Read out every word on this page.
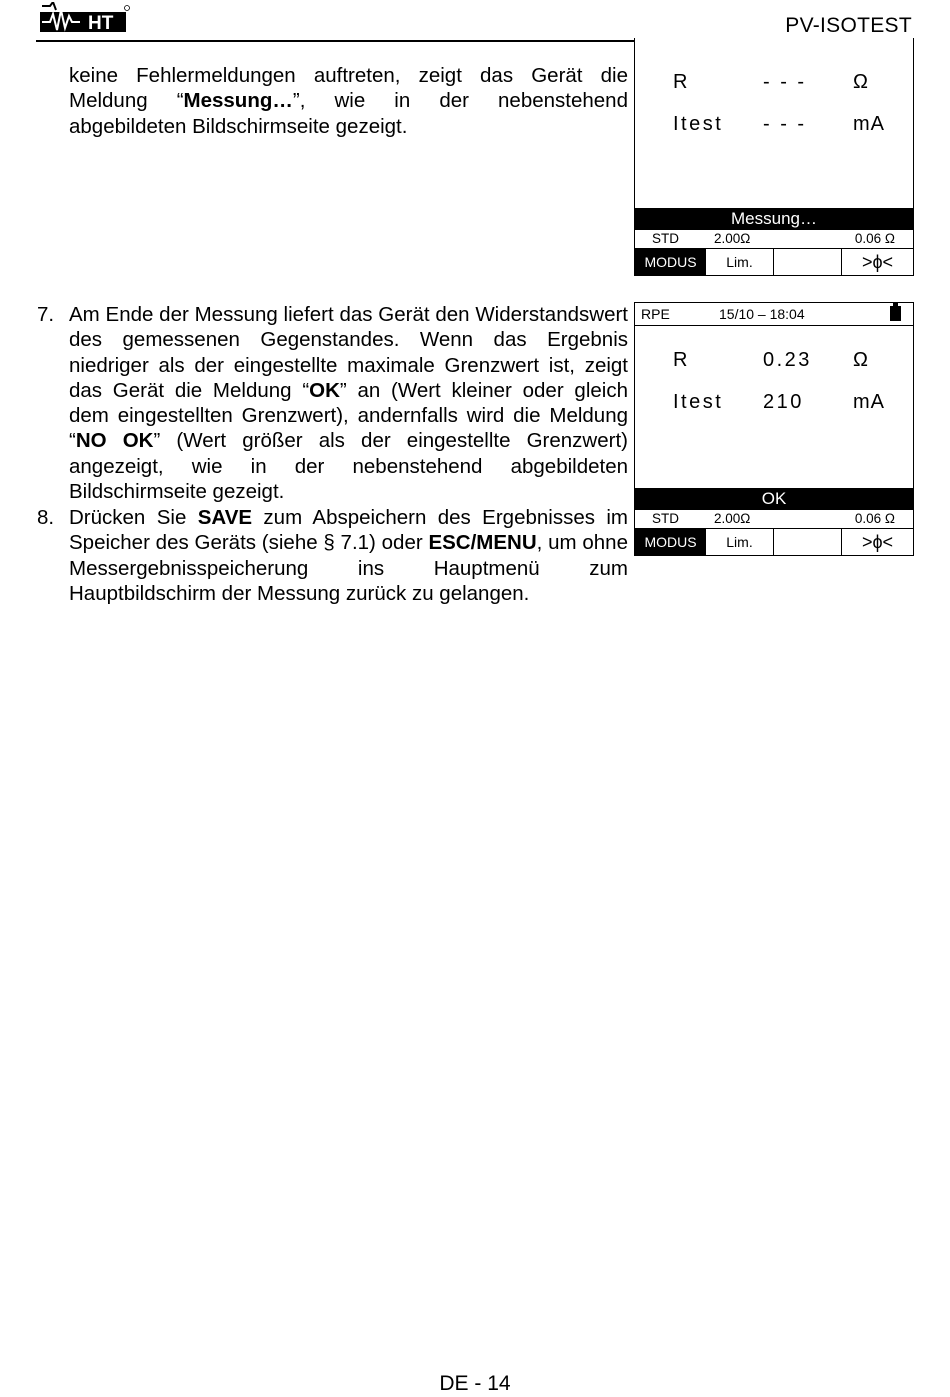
HT	PV-ISOTEST

keine Fehlermeldungen auftreten, zeigt das Gerät die Meldung “Messung…”, wie in der nebenstehend abgebildeten Bildschirmseite gezeigt.

7. Am Ende der Messung liefert das Gerät den Widerstandswert des gemessenen Gegenstandes. Wenn das Ergebnis niedriger als der eingestellte maximale Grenzwert ist, zeigt das Gerät die Meldung “OK” an (Wert kleiner oder gleich dem eingestellten Grenzwert), andernfalls wird die Meldung “NO OK” (Wert größer als der eingestellte Grenzwert) angezeigt, wie in der nebenstehend abgebildeten Bildschirmseite gezeigt.

8. Drücken Sie SAVE zum Abspeichern des Ergebnisses im Speicher des Geräts (siehe § 7.1) oder ESC/MENU, um ohne Messergebnisspeicherung ins Hauptmenü zum Hauptbildschirm der Messung zurück zu gelangen.

R	- - - Ω
Itest - - - mA
Messung…
STD	2.00Ω	0.06 Ω
MODUS	Lim.	>ϕ<
RPE	15/10 – 18:04
R	0.23 Ω
Itest 210 mA
OK
STD	2.00Ω	0.06 Ω
MODUS	Lim.	>ϕ<
DE - 14
